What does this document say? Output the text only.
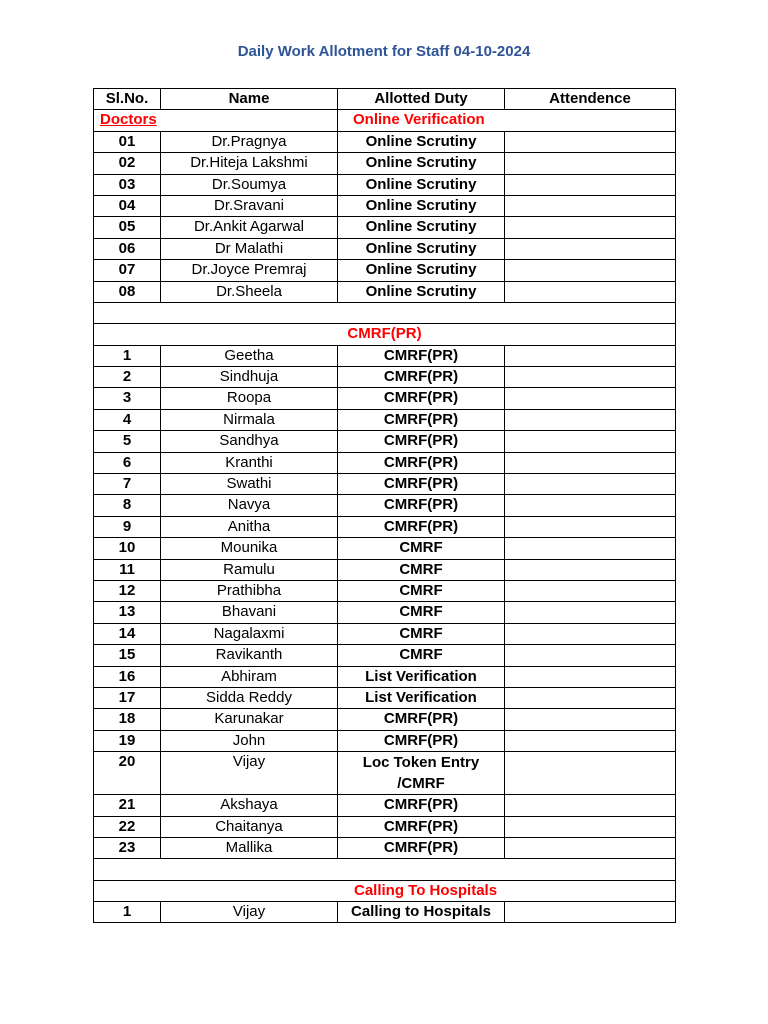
Daily Work Allotment for Staff 04-10-2024
Sl.No.	Name	Allotted Duty	Attendence
Doctors		Online Verification	
01	Dr.Pragnya	Online Scrutiny	
02	Dr.Hiteja Lakshmi	Online Scrutiny	
03	Dr.Soumya	Online Scrutiny	
04	Dr.Sravani	Online Scrutiny	
05	Dr.Ankit Agarwal	Online Scrutiny	
06	Dr Malathi	Online Scrutiny	
07	Dr.Joyce Premraj	Online Scrutiny	
08	Dr.Sheela	Online Scrutiny	

CMRF(PR)			
1	Geetha	CMRF(PR)	
2	Sindhuja	CMRF(PR)	
3	Roopa	CMRF(PR)	
4	Nirmala	CMRF(PR)	
5	Sandhya	CMRF(PR)	
6	Kranthi	CMRF(PR)	
7	Swathi	CMRF(PR)	
8	Navya	CMRF(PR)	
9	Anitha	CMRF(PR)	
10	Mounika	CMRF	
11	Ramulu	CMRF	
12	Prathibha	CMRF	
13	Bhavani	CMRF	
14	Nagalaxmi	CMRF	
15	Ravikanth	CMRF	
16	Abhiram	List Verification	
17	Sidda Reddy	List Verification	
18	Karunakar	CMRF(PR)	
19	John	CMRF(PR)	
20	Vijay	Loc Token Entry /CMRF	
21	Akshaya	CMRF(PR)	
22	Chaitanya	CMRF(PR)	
23	Mallika	CMRF(PR)	

Calling To Hospitals			
1	Vijay	Calling to Hospitals	
